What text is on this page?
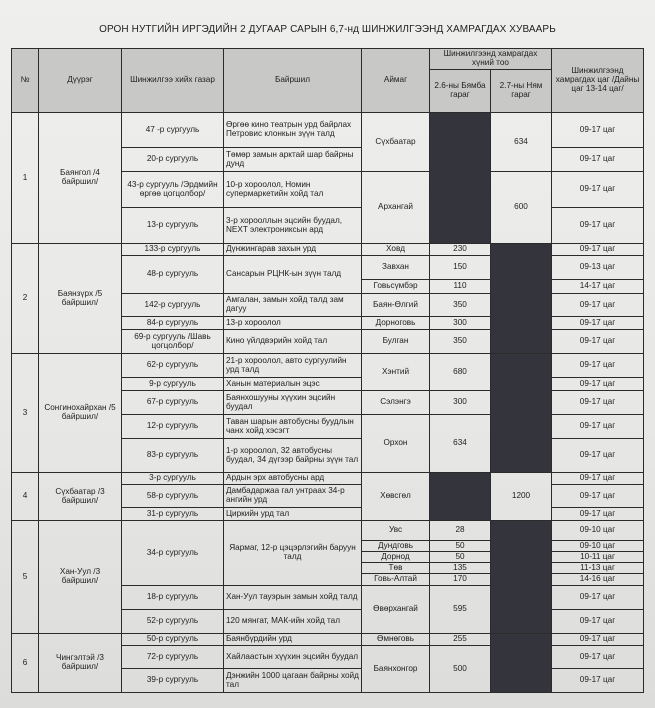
ОРОН НУТГИЙН ИРГЭДИЙН 2 ДУГААР САРЫН 6,7-нд ШИНЖИЛГЭЭНД ХАМРАГДАХ ХУВААРЬ
№	Дүүрэг	Шинжилгээ хийх газар	Байршил	Аймаг	Шинжилгээнд хамрагдах хүний тоо		Шинжилгээнд хамрагдах цаг /Дайны цаг 13-14 цаг/
					2.6-ны Бямба гараг	2.7-ны Ням гараг	

1	Баянгол /4 байршил/	47 -р сургууль	Өргөө кино театрын урд байрлах Петровис клонкын зүүн талд	Сүхбаатар		634	09-17 цаг
		20-р сургууль	Төмөр замын арктай шар байрны дунд				09-17 цаг
		43-р сургууль /Эрдмийн өргөө цогцолбор/	10-р хороолол, Номин супермаркетийн хойд тал	Архангай		600	09-17 цаг
		13-р сургууль	3-р хорооллын эцсийн буудал, NEXT электроникcын ард				09-17 цаг
2	Баянзүрх /5 байршил/	133-р сургууль	Дүнжингарав захын урд	Ховд	230		09-17 цаг
		48-р сургууль	Сансарын РЦНК-ын зүүн талд	Завхан	150		09-13 цаг
				Говьсүмбэр	110		14-17 цаг
		142-р сургууль	Амгалан, замын хойд талд зам дагуу	Баян-Өлгий	350		09-17 цаг
		84-р сургууль	13-р хороолол	Дорноговь	300		09-17 цаг
		69-р сургууль /Шавь цогцолбор/	Кино үйлдвэрийн хойд тал	Булган	350		09-17 цаг
3	Сонгинохайрхан /5 байршил/	62-р сургууль	21-р хороолол, авто сургуулийн урд талд	Хэнтий	680		09-17 цаг
		9-р сургууль	Ханын материалын эцэс				09-17 цаг
		67-р сургууль	Баянхошууны хүүхин эцсийн буудал	Сэлэнгэ	300		09-17 цаг
		12-р сургууль	Таван шарын автобусны буудлын чанх хойд хэсэгт	Орхон	634		09-17 цаг
		83-р сургууль	1-р хороолол, 32 автобусны буудал, 34 дүгээр байрны зүүн тал				09-17 цаг
4	Сүхбаатар /3 байршил/	3-р сургууль	Ардын эрх автобусны ард	Хөвсгөл		1200	09-17 цаг
		58-р сургууль	Дамбадаржаа гал унтраах 34-р ангийн урд				09-17 цаг
		31-р сургууль	Циркийн урд тал				09-17 цаг
5	Хан-Уул /3 байршил/	34-р сургууль	Яармаг, 12-р цэцэрлэгийн баруун талд	Увс	28		09-10 цаг
				Дундговь	50		09-10 цаг
				Дорнод	50		10-11 цаг
				Төв	135		11-13 цаг
				Говь-Алтай	170		14-16 цаг
		18-р сургууль	Хан-Уул тауэрын замын хойд талд	Өвөрхангай	595		09-17 цаг
		52-р сургууль	120 мянгат, МАК-ийн хойд тал				09-17 цаг
6	Чингэлтэй /3 байршил/	50-р сургууль	Баянбүрдийн урд	Өмнөговь	255		09-17 цаг
		72-р сургууль	Хайлаастын хүүхин эцсийн буудал	Баянхонгор	500		09-17 цаг
		39-р сургууль	Дэнжийн 1000 цагаан байрны хойд тал				09-17 цаг
